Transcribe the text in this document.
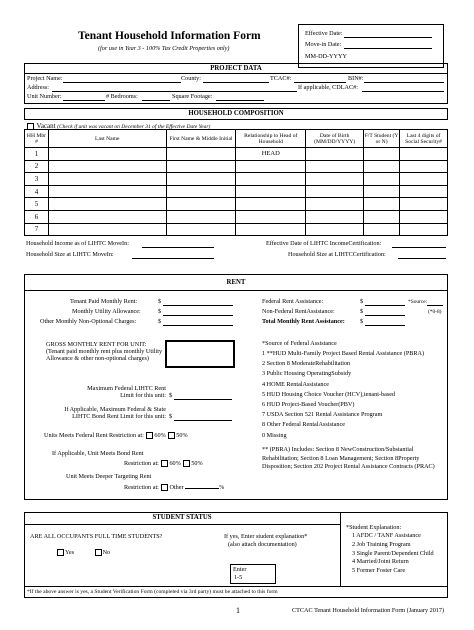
Tenant Household Information Form
(for use in Year 3 - 100% Tax Credit Properties only)
Effective Date:
Move-in Date:
MM-DD-YYYY
PROJECT DATA
Project Name:	County:	TCAC#:	BIN#:
Address:	If applicable, CDLAC#:
Unit Number:	# Bedrooms:	Square Footage:
HOUSEHOLD COMPOSITION
Vacant (Check if unit was vacant on December 31 of the Effective Date Year)
HH Mbr #	Last Name	First Name & Middle Initial	Relationship to Head of Household	Date of Birth (MM/DD/YYYY)	F/T Student (Y or N)	Last 4 digits of Social Security#
1			HEAD			
2						
3						
4						
5						
6						
7						
Household Income as of LIHTC MoveIn:
Household Size at LIHTC MoveIn:
Effective Date of LIHTC IncomeCertification:
Household Size at LIHTCCertification:
RENT
Tenant Paid Monthly Rent:	$
Monthly Utility Allowance:	$
Other Monthly Non-Optional Charges:	$
GROSS MONTHLY RENT FOR UNIT:
(Tenant paid monthly rent plus monthly Utility Allowance & other non-optional charges)
Maximum Federal LIHTC Rent
Limit for this unit: $
If Applicable, Maximum Federal & State
LIHTC Bond Rent Limit for this unit: $
Units Meets Federal Rent Restriction at: 60% 50%
If Applicable, Unit Meets Bond Rent
Restriction at: 60% 50%
Unit Meets Deeper Targeting Rent
Restriction at: Other	%
Federal Rent Assistance:	$	*Source:
Non-Federal RentAssistance:	$	(*0-8)
Total Monthly Rent Assistance: $
*Source of Federal Assistance
1 **HUD Multi-Family Project Based Rental Assistance (PBRA)
2 Section 8 ModerateRehabilitation
3 Public Housing OperatingSubsidy
4 HOME RentalAssistance
5 HUD Housing Choice Voucher (HCV),tenant-based
6 HUD Project-Based Voucher(PBV)
7 USDA Section 521 Rental Assistance Program
8 Other Federal RentalAssistance
0 Missing
** (PBRA) Includes: Section 8 NewConstruction/Substantial Rehabilitation; Section 8 Loan Management; Section 8Property Disposition; Section 202 Project Rental Assistance Contracts (PRAC)
STUDENT STATUS
ARE ALL OCCUPANTS FULL TIME STUDENTS?
Yes	No
If yes, Enter student explanation*
(also attach documentation)
Enter
1-5
*Student Explanation:
1 AFDC / TANF Assistance
2 Job Training Program
3 Single Parent/Dependent Child
4 Married/Joint Return
5 Former Foster Care
*If the above answer is yes, a Student Verification Form (completed via 3rd party) must be attached to this form
1	CTCAC Tenant Household Information Form (January 2017)
